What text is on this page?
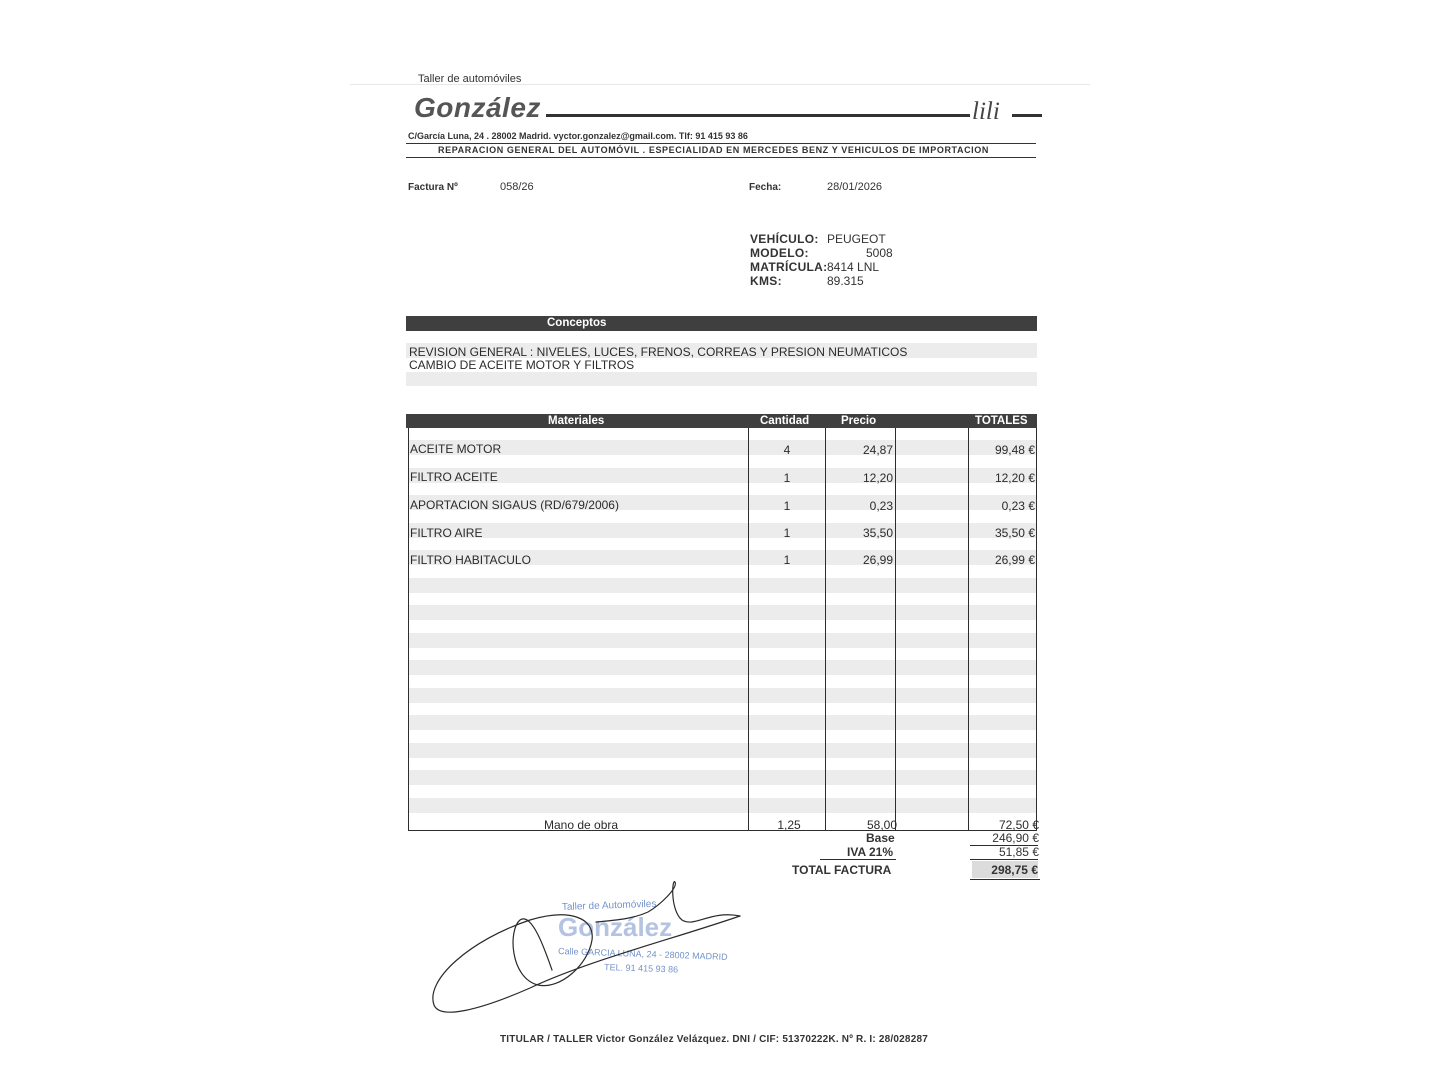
Taller de automóviles
González	lili
C/García Luna, 24 . 28002 Madrid. vyctor.gonzalez@gmail.com. Tlf: 91 415 93 86
REPARACION GENERAL DEL AUTOMÓVIL . ESPECIALIDAD EN MERCEDES BENZ Y VEHICULOS DE IMPORTACION
Factura Nº	058/26	Fecha:	28/01/2026
VEHÍCULO: PEUGEOT
MODELO:	5008
MATRÍCULA: 8414 LNL
KMS:	89.315
Conceptos
REVISION GENERAL : NIVELES, LUCES, FRENOS, CORREAS Y PRESION NEUMATICOS
CAMBIO DE ACEITE MOTOR Y FILTROS
Materiales	Cantidad	Precio	TOTALES
ACEITE MOTOR	4	24,87	99,48 €
FILTRO ACEITE	1	12,20	12,20 €
APORTACION SIGAUS (RD/679/2006)	1	0,23	0,23 €
FILTRO AIRE	1	35,50	35,50 €
FILTRO HABITACULO	1	26,99	26,99 €
Mano de obra	1,25	58,00	72,50 €
Base	246,90 €
IVA 21%	51,85 €
TOTAL FACTURA	298,75 €
Taller de Automóviles
González
Calle GARCIA LUNA, 24 - 28002 MADRID
TEL. 91 415 93 86
TITULAR / TALLER Victor González Velázquez. DNI / CIF: 51370222K. Nº R. I: 28/028287
